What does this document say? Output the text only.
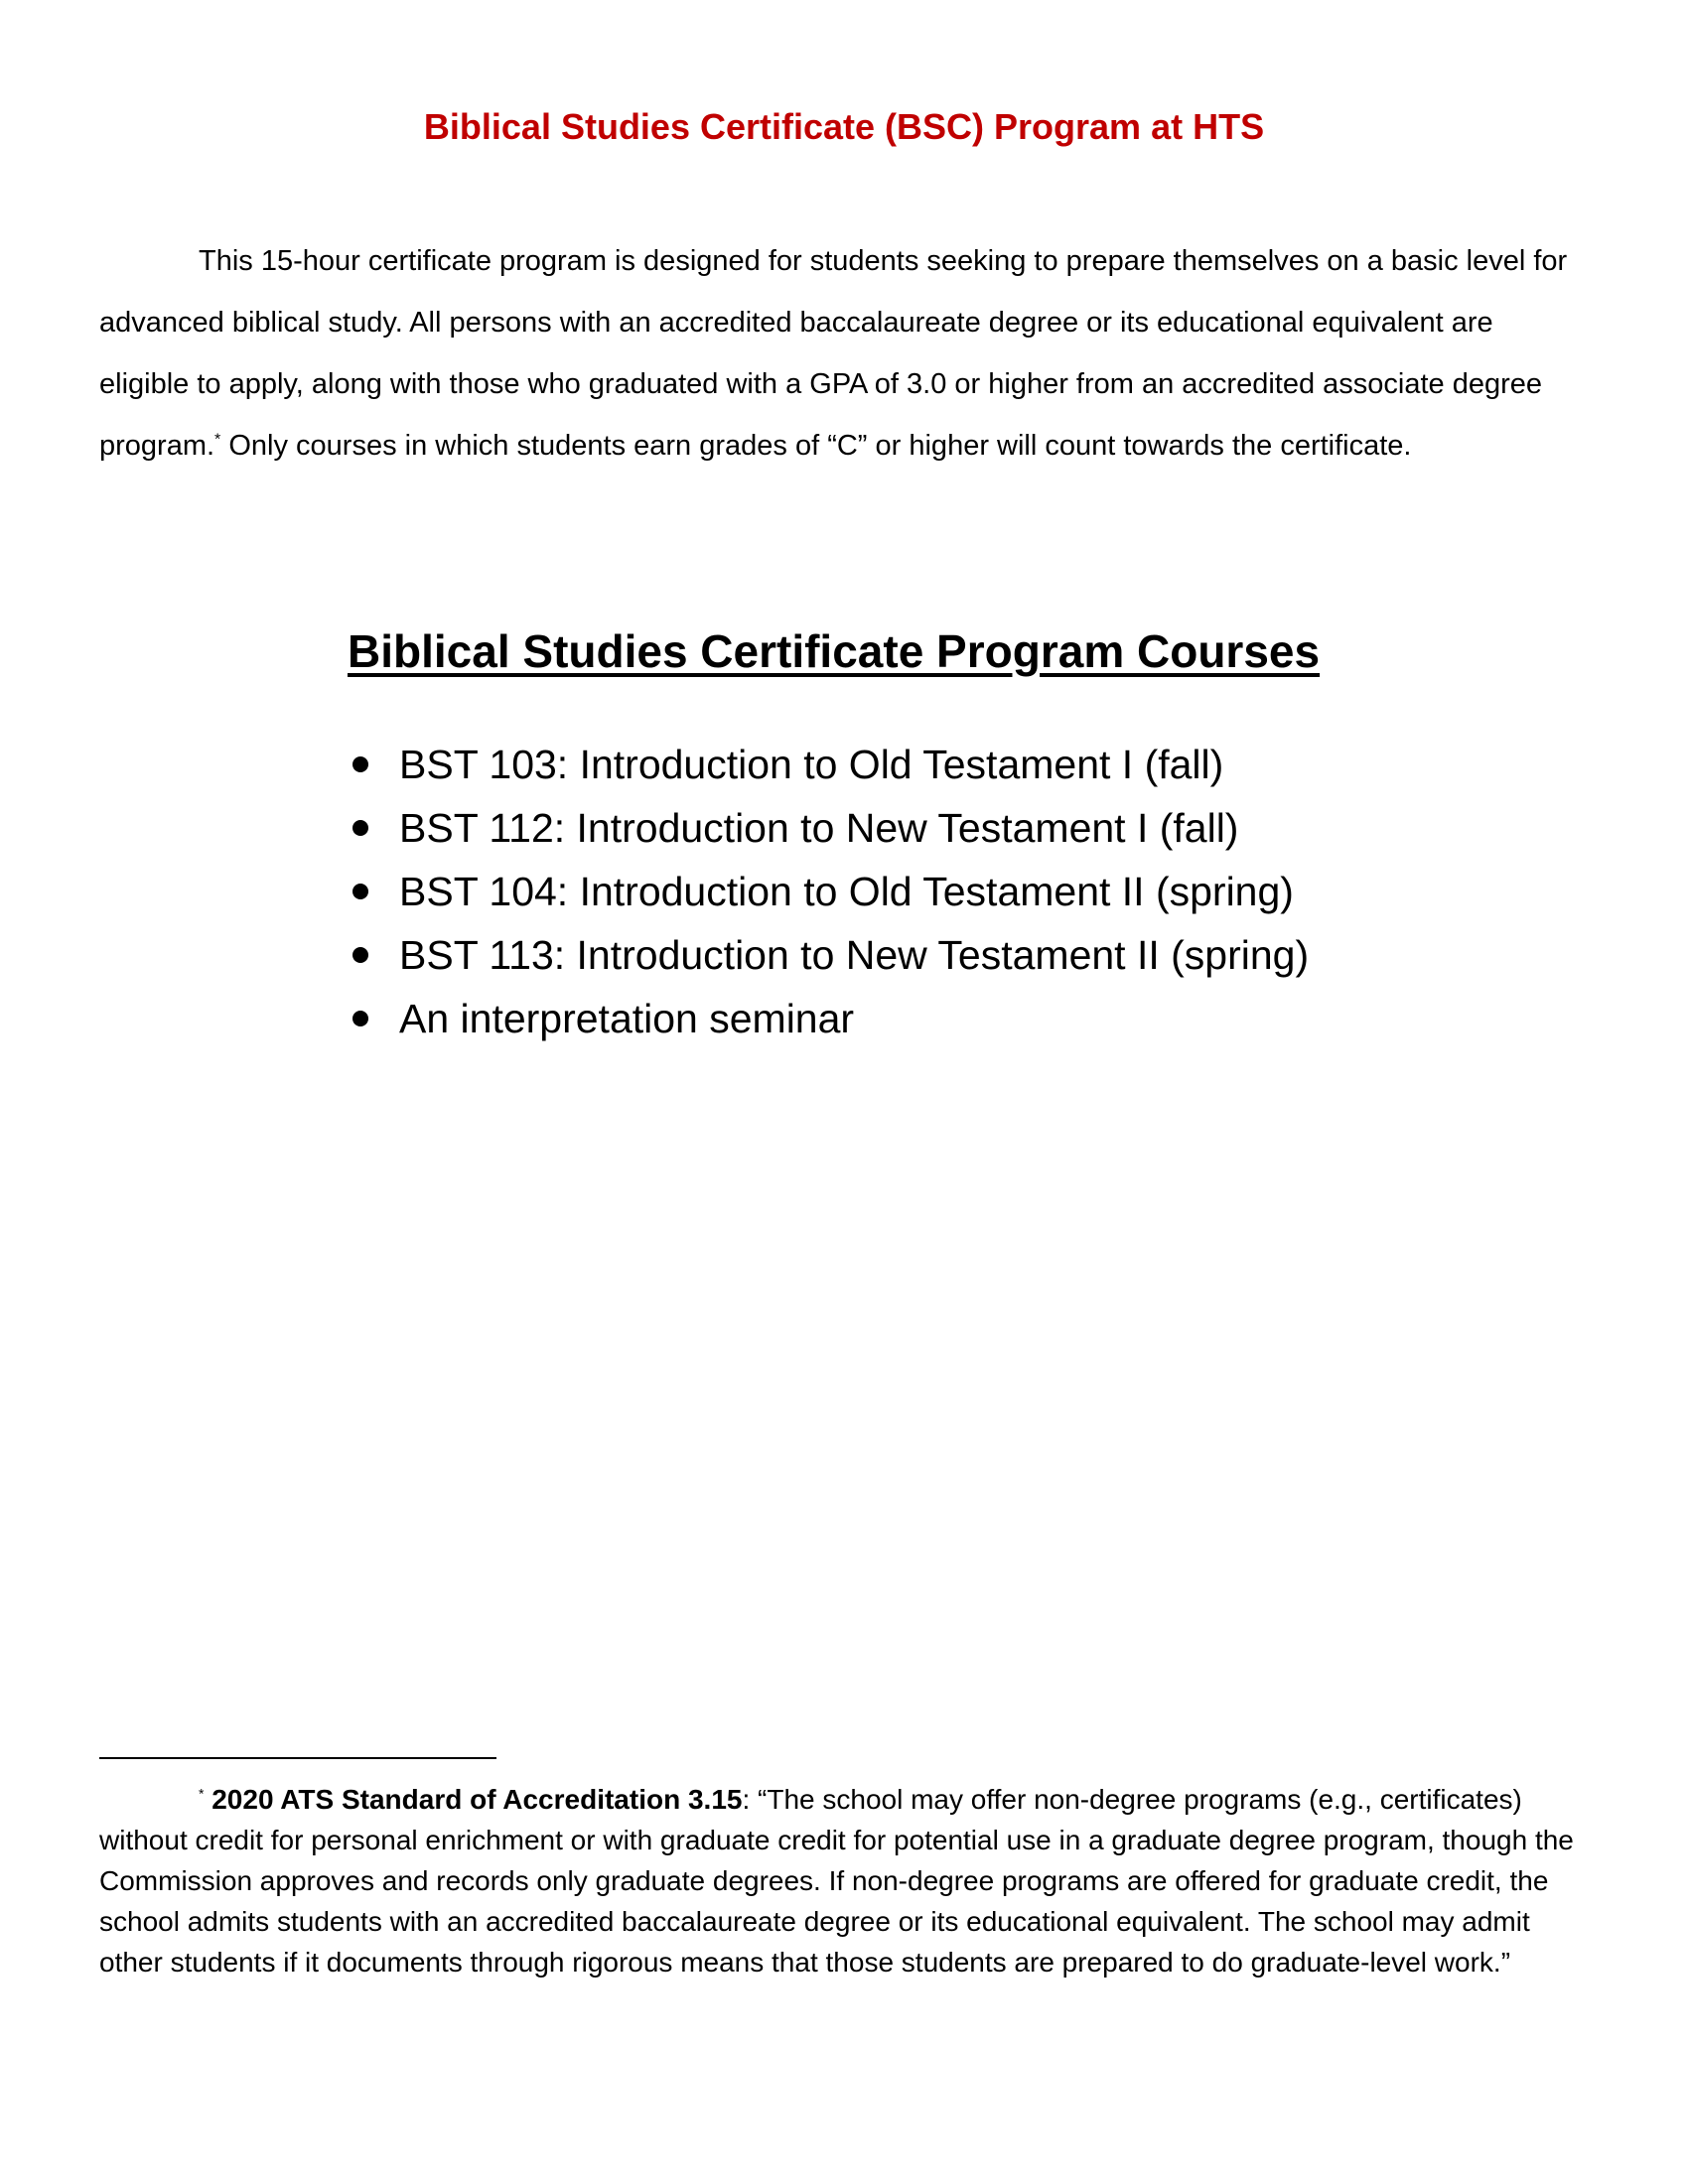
Biblical Studies Certificate (BSC) Program at HTS

This 15-hour certificate program is designed for students seeking to prepare themselves on a basic level for advanced biblical study. All persons with an accredited baccalaureate degree or its educational equivalent are eligible to apply, along with those who graduated with a GPA of 3.0 or higher from an accredited associate degree program.* Only courses in which students earn grades of “C” or higher will count towards the certificate.

Biblical Studies Certificate Program Courses
BST 103: Introduction to Old Testament I (fall)
BST 112: Introduction to New Testament I (fall)
BST 104: Introduction to Old Testament II (spring)
BST 113: Introduction to New Testament II (spring)
An interpretation seminar

* 2020 ATS Standard of Accreditation 3.15: “The school may offer non-degree programs (e.g., certificates) without credit for personal enrichment or with graduate credit for potential use in a graduate degree program, though the Commission approves and records only graduate degrees. If non-degree programs are offered for graduate credit, the school admits students with an accredited baccalaureate degree or its educational equivalent. The school may admit other students if it documents through rigorous means that those students are prepared to do graduate-level work.”
